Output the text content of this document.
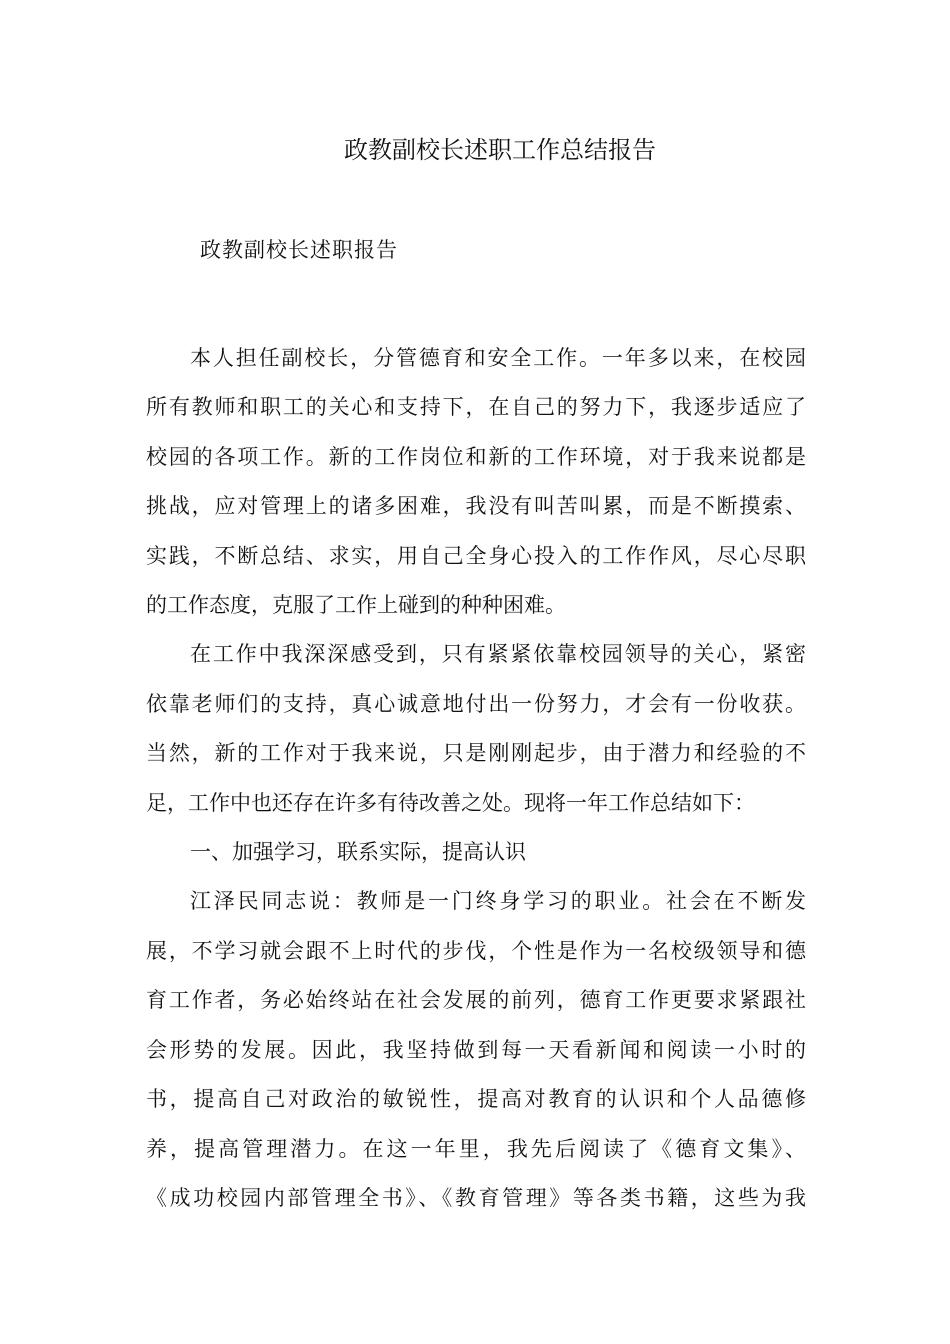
政教副校长述职工作总结报告
政教副校长述职报告

本人担任副校长，分管德育和安全工作。一年多以来，在校园
所有教师和职工的关心和支持下，在自己的努力下，我逐步适应了
校园的各项工作。新的工作岗位和新的工作环境，对于我来说都是
挑战，应对管理上的诸多困难，我没有叫苦叫累，而是不断摸索、
实践，不断总结、求实，用自己全身心投入的工作作风，尽心尽职
的工作态度，克服了工作上碰到的种种困难。

在工作中我深深感受到，只有紧紧依靠校园领导的关心，紧密
依靠老师们的支持，真心诚意地付出一份努力，才会有一份收获。
当然，新的工作对于我来说，只是刚刚起步，由于潜力和经验的不
足，工作中也还存在许多有待改善之处。现将一年工作总结如下：

一、加强学习，联系实际，提高认识

江泽民同志说：教师是一门终身学习的职业。社会在不断发
展，不学习就会跟不上时代的步伐，个性是作为一名校级领导和德
育工作者，务必始终站在社会发展的前列，德育工作更要求紧跟社
会形势的发展。因此，我坚持做到每一天看新闻和阅读一小时的
书，提高自己对政治的敏锐性，提高对教育的认识和个人品德修
养，提高管理潜力。在这一年里，我先后阅读了《德育文集》、
《成功校园内部管理全书》、《教育管理》等各类书籍，这些为我
